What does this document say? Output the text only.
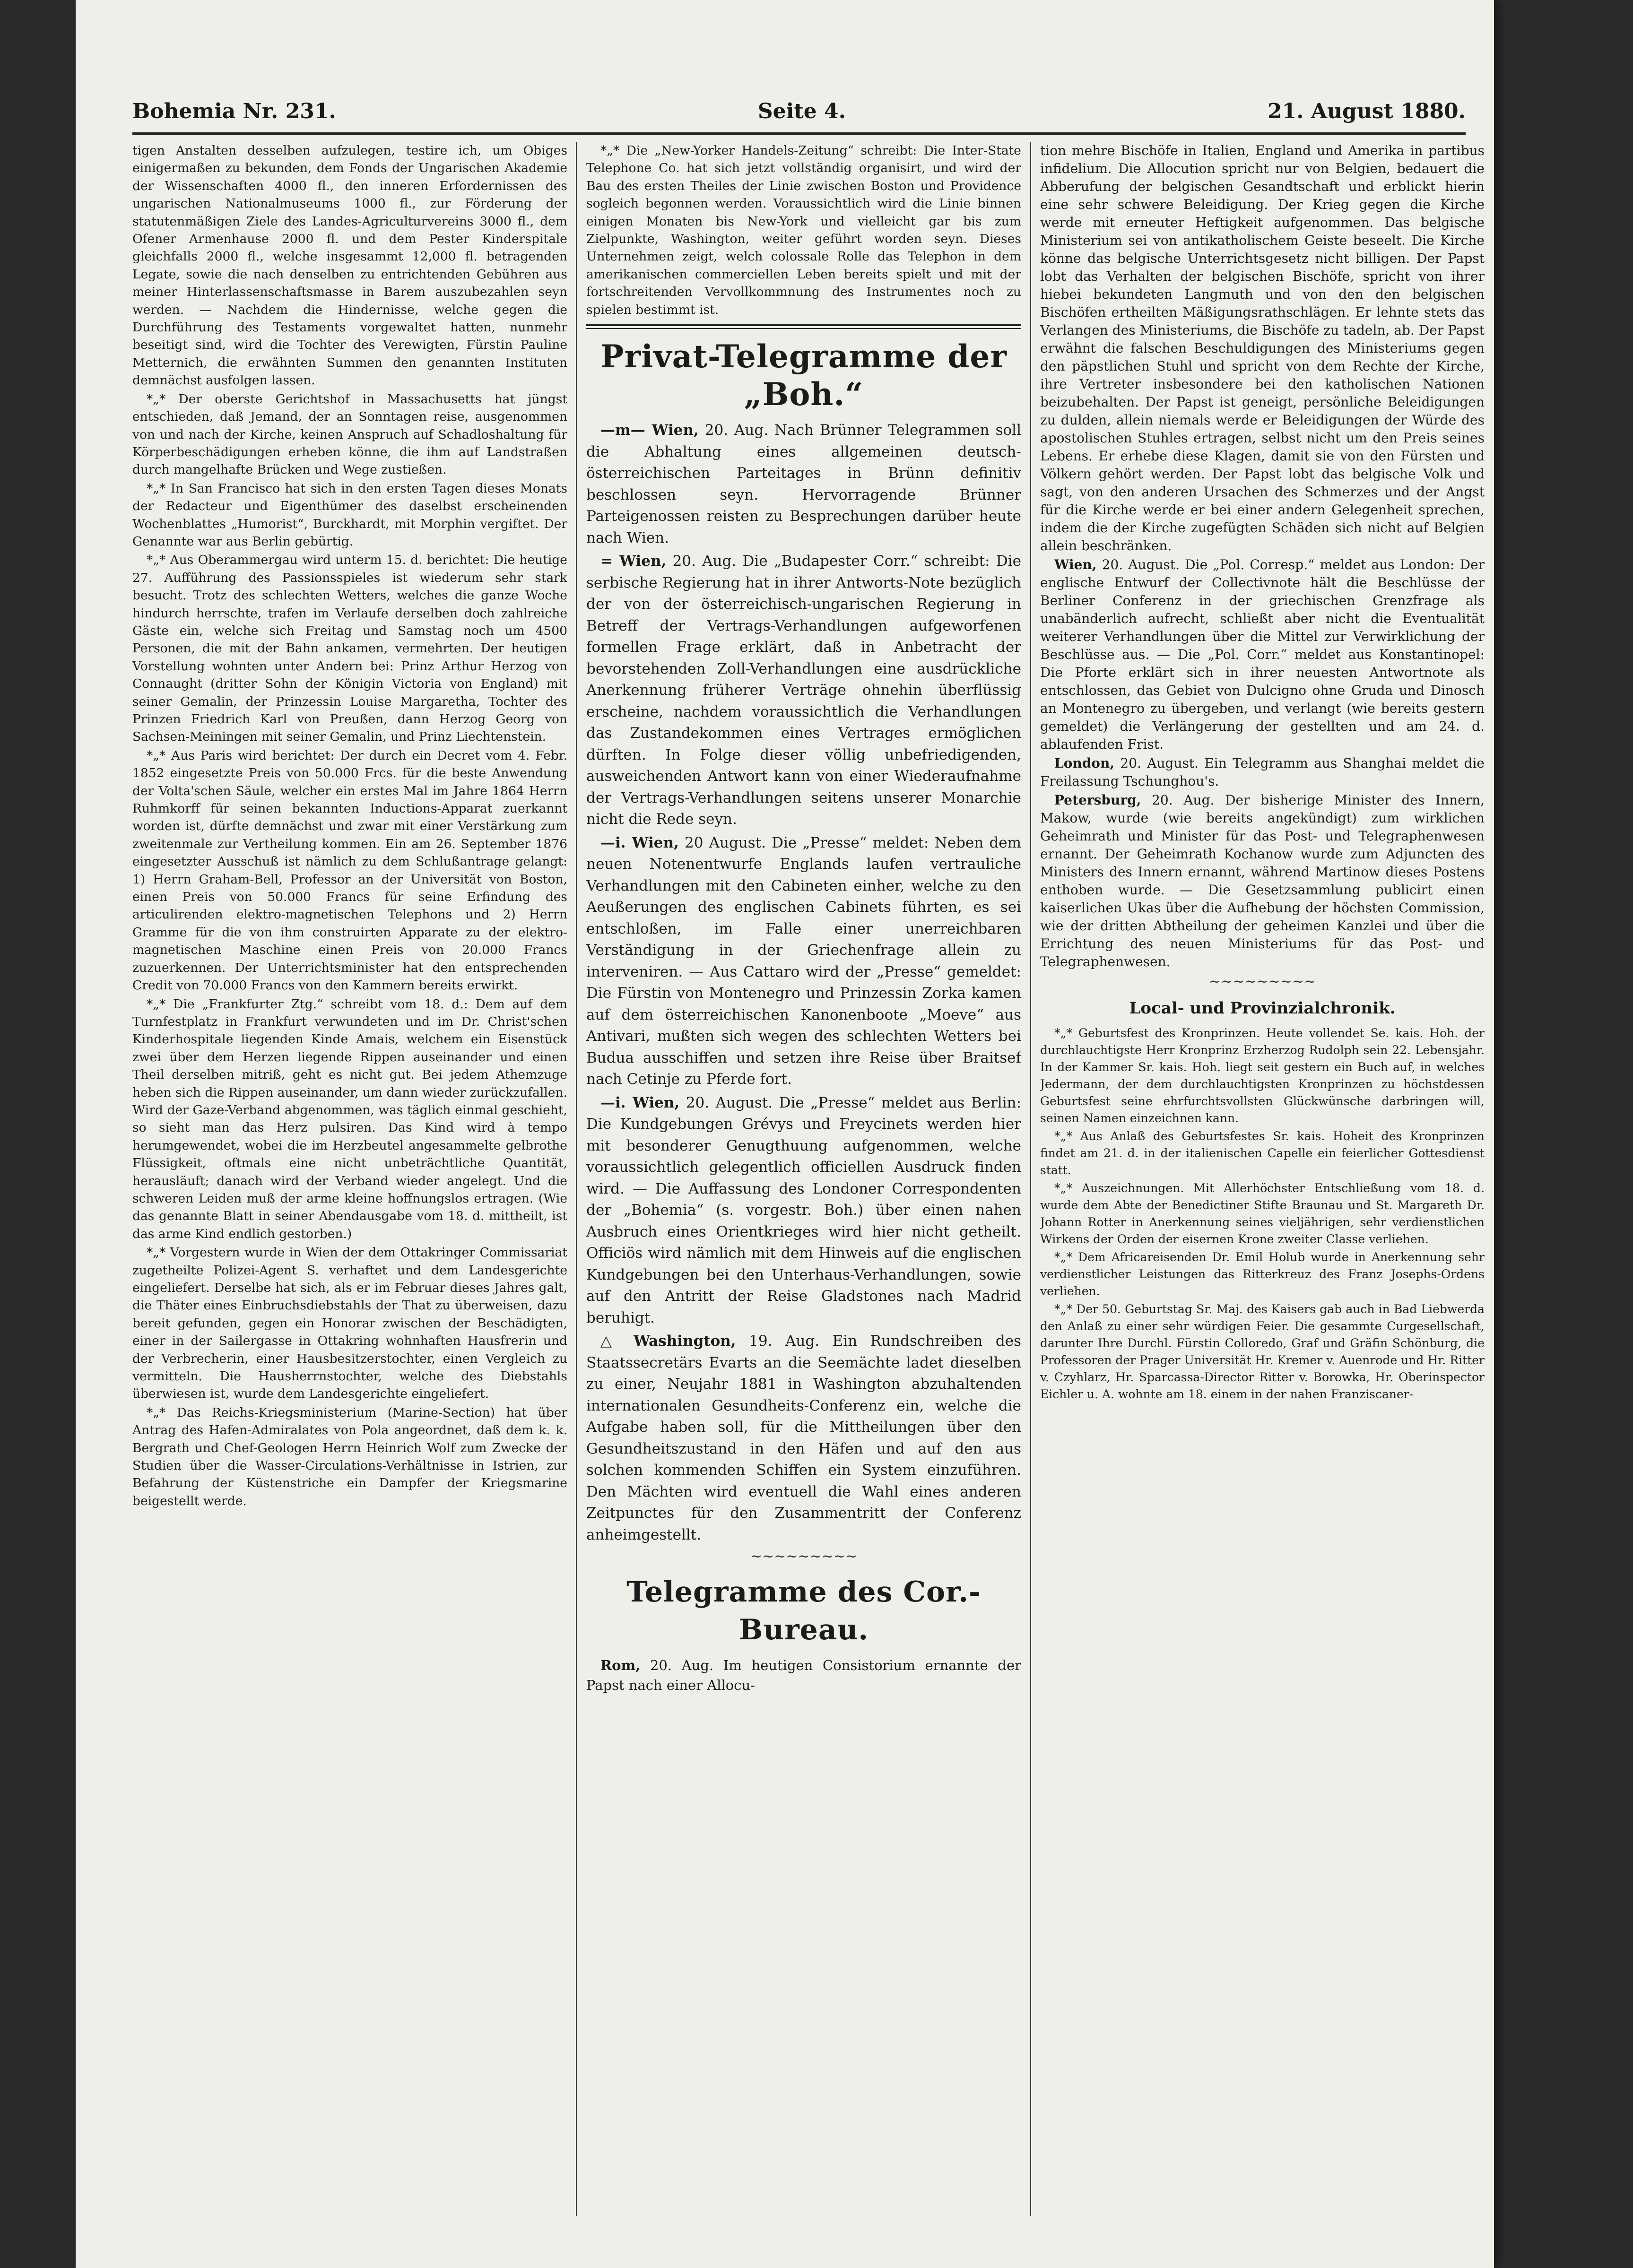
Bohemia Nr. 231.	Seite 4.	21. August 1880.

tigen Anstalten desselben aufzulegen, testire ich, um Obiges einigermaßen zu bekunden, dem Fonds der Ungarischen Akademie der Wissenschaften 4000 fl., den inneren Erfordernissen des ungarischen Nationalmuseums 1000 fl., zur Förderung der statutenmäßigen Ziele des Landes-Agriculturvereins 3000 fl., dem Ofener Armenhause 2000 fl. und dem Pester Kinderspitale gleichfalls 2000 fl., welche insgesammt 12,000 fl. betragenden Legate, sowie die nach denselben zu entrichtenden Gebühren aus meiner Hinterlassenschaftsmasse in Barem auszubezahlen seyn werden. — Nachdem die Hindernisse, welche gegen die Durchführung des Testaments vorgewaltet hatten, nunmehr beseitigt sind, wird die Tochter des Verewigten, Fürstin Pauline Metternich, die erwähnten Summen den genannten Instituten demnächst ausfolgen lassen.

*„* Der oberste Gerichtshof in Massachusetts hat jüngst entschieden, daß Jemand, der an Sonntagen reise, ausgenommen von und nach der Kirche, keinen Anspruch auf Schadloshaltung für Körperbeschädigungen erheben könne, die ihm auf Landstraßen durch mangelhafte Brücken und Wege zustießen.

*„* In San Francisco hat sich in den ersten Tagen dieses Monats der Redacteur und Eigenthümer des daselbst erscheinenden Wochenblattes „Humorist“, Burckhardt, mit Morphin vergiftet. Der Genannte war aus Berlin gebürtig.

*„* Aus Oberammergau wird unterm 15. d. berichtet: Die heutige 27. Aufführung des Passionsspieles ist wiederum sehr stark besucht. Trotz des schlechten Wetters, welches die ganze Woche hindurch herrschte, trafen im Verlaufe derselben doch zahlreiche Gäste ein, welche sich Freitag und Samstag noch um 4500 Personen, die mit der Bahn ankamen, vermehrten. Der heutigen Vorstellung wohnten unter Andern bei: Prinz Arthur Herzog von Connaught (dritter Sohn der Königin Victoria von England) mit seiner Gemalin, der Prinzessin Louise Margaretha, Tochter des Prinzen Friedrich Karl von Preußen, dann Herzog Georg von Sachsen-Meiningen mit seiner Gemalin, und Prinz Liechtenstein.

*„* Aus Paris wird berichtet: Der durch ein Decret vom 4. Febr. 1852 eingesetzte Preis von 50.000 Frcs. für die beste Anwendung der Volta'schen Säule, welcher ein erstes Mal im Jahre 1864 Herrn Ruhmkorff für seinen bekannten Inductions-Apparat zuerkannt worden ist, dürfte demnächst und zwar mit einer Verstärkung zum zweitenmale zur Vertheilung kommen. Ein am 26. September 1876 eingesetzter Ausschuß ist nämlich zu dem Schlußantrage gelangt: 1) Herrn Graham-Bell, Professor an der Universität von Boston, einen Preis von 50.000 Francs für seine Erfindung des articulirenden elektro-magnetischen Telephons und 2) Herrn Gramme für die von ihm construirten Apparate zu der elektro-magnetischen Maschine einen Preis von 20.000 Francs zuzuerkennen. Der Unterrichtsminister hat den entsprechenden Credit von 70.000 Francs von den Kammern bereits erwirkt.

*„* Die „Frankfurter Ztg.“ schreibt vom 18. d.: Dem auf dem Turnfestplatz in Frankfurt verwundeten und im Dr. Christ'schen Kinderhospitale liegenden Kinde Amais, welchem ein Eisenstück zwei über dem Herzen liegende Rippen auseinander und einen Theil derselben mitriß, geht es nicht gut. Bei jedem Athemzuge heben sich die Rippen auseinander, um dann wieder zurückzufallen. Wird der Gaze-Verband abgenommen, was täglich einmal geschieht, so sieht man das Herz pulsiren. Das Kind wird à tempo herumgewendet, wobei die im Herzbeutel angesammelte gelbrothe Flüssigkeit, oftmals eine nicht unbeträchtliche Quantität, herausläuft; danach wird der Verband wieder angelegt. Und die schweren Leiden muß der arme kleine hoffnungslos ertragen. (Wie das genannte Blatt in seiner Abendausgabe vom 18. d. mittheilt, ist das arme Kind endlich gestorben.)

*„* Vorgestern wurde in Wien der dem Ottakringer Commissariat zugetheilte Polizei-Agent S. verhaftet und dem Landesgerichte eingeliefert. Derselbe hat sich, als er im Februar dieses Jahres galt, die Thäter eines Einbruchsdiebstahls der That zu überweisen, dazu bereit gefunden, gegen ein Honorar zwischen der Beschädigten, einer in der Sailergasse in Ottakring wohnhaften Hausfrerin und der Verbrecherin, einer Hausbesitzerstochter, einen Vergleich zu vermitteln. Die Hausherrnstochter, welche des Diebstahls überwiesen ist, wurde dem Landesgerichte eingeliefert.

*„* Das Reichs-Kriegsministerium (Marine-Section) hat über Antrag des Hafen-Admiralates von Pola angeordnet, daß dem k. k. Bergrath und Chef-Geologen Herrn Heinrich Wolf zum Zwecke der Studien über die Wasser-Circulations-Verhältnisse in Istrien, zur Befahrung der Küstenstriche ein Dampfer der Kriegsmarine beigestellt werde.

*„* Die „New-Yorker Handels-Zeitung“ schreibt: Die Inter-State Telephone Co. hat sich jetzt vollständig organisirt, und wird der Bau des ersten Theiles der Linie zwischen Boston und Providence sogleich begonnen werden. Voraussichtlich wird die Linie binnen einigen Monaten bis New-York und vielleicht gar bis zum Zielpunkte, Washington, weiter geführt worden seyn. Dieses Unternehmen zeigt, welch colossale Rolle das Telephon in dem amerikanischen commerciellen Leben bereits spielt und mit der fortschreitenden Vervollkommnung des Instrumentes noch zu spielen bestimmt ist.

Privat-Telegramme der „Boh.“

—m— Wien, 20. Aug. Nach Brünner Telegrammen soll die Abhaltung eines allgemeinen deutsch-österreichischen Parteitages in Brünn definitiv beschlossen seyn. Hervorragende Brünner Parteigenossen reisten zu Besprechungen darüber heute nach Wien.

= Wien, 20. Aug. Die „Budapester Corr.“ schreibt: Die serbische Regierung hat in ihrer Antworts-Note bezüglich der von der österreichisch-ungarischen Regierung in Betreff der Vertrags-Verhandlungen aufgeworfenen formellen Frage erklärt, daß in Anbetracht der bevorstehenden Zoll-Verhandlungen eine ausdrückliche Anerkennung früherer Verträge ohnehin überflüssig erscheine, nachdem voraussichtlich die Verhandlungen das Zustandekommen eines Vertrages ermöglichen dürften. In Folge dieser völlig unbefriedigenden, ausweichenden Antwort kann von einer Wiederaufnahme der Vertrags-Verhandlungen seitens unserer Monarchie nicht die Rede seyn.

—i. Wien, 20 August. Die „Presse“ meldet: Neben dem neuen Notenentwurfe Englands laufen vertrauliche Verhandlungen mit den Cabineten einher, welche zu den Aeußerungen des englischen Cabinets führten, es sei entschloßen, im Falle einer unerreichbaren Verständigung in der Griechenfrage allein zu interveniren. — Aus Cattaro wird der „Presse“ gemeldet: Die Fürstin von Montenegro und Prinzessin Zorka kamen auf dem österreichischen Kanonenboote „Moeve“ aus Antivari, mußten sich wegen des schlechten Wetters bei Budua ausschiffen und setzen ihre Reise über Braitsef nach Cetinje zu Pferde fort.

—i. Wien, 20. August. Die „Presse“ meldet aus Berlin: Die Kundgebungen Grévys und Freycinets werden hier mit besonderer Genugthuung aufgenommen, welche voraussichtlich gelegentlich officiellen Ausdruck finden wird. — Die Auffassung des Londoner Correspondenten der „Bohemia“ (s. vorgestr. Boh.) über einen nahen Ausbruch eines Orientkrieges wird hier nicht getheilt. Officiös wird nämlich mit dem Hinweis auf die englischen Kundgebungen bei den Unterhaus-Verhandlungen, sowie auf den Antritt der Reise Gladstones nach Madrid beruhigt.

△ Washington, 19. Aug. Ein Rundschreiben des Staatssecretärs Evarts an die Seemächte ladet dieselben zu einer, Neujahr 1881 in Washington abzuhaltenden internationalen Gesundheits-Conferenz ein, welche die Aufgabe haben soll, für die Mittheilungen über den Gesundheitszustand in den Häfen und auf den aus solchen kommenden Schiffen ein System einzuführen. Den Mächten wird eventuell die Wahl eines anderen Zeitpunctes für den Zusammentritt der Conferenz anheimgestellt.

~~~~~~~~~
Telegramme des Cor.-Bureau.

Rom, 20. Aug. Im heutigen Consistorium ernannte der Papst nach einer Allocu-

tion mehre Bischöfe in Italien, England und Amerika in partibus infidelium. Die Allocution spricht nur von Belgien, bedauert die Abberufung der belgischen Gesandtschaft und erblickt hierin eine sehr schwere Beleidigung. Der Krieg gegen die Kirche werde mit erneuter Heftigkeit aufgenommen. Das belgische Ministerium sei von antikatholischem Geiste beseelt. Die Kirche könne das belgische Unterrichtsgesetz nicht billigen. Der Papst lobt das Verhalten der belgischen Bischöfe, spricht von ihrer hiebei bekundeten Langmuth und von den den belgischen Bischöfen ertheilten Mäßigungsrathschlägen. Er lehnte stets das Verlangen des Ministeriums, die Bischöfe zu tadeln, ab. Der Papst erwähnt die falschen Beschuldigungen des Ministeriums gegen den päpstlichen Stuhl und spricht von dem Rechte der Kirche, ihre Vertreter insbesondere bei den katholischen Nationen beizubehalten. Der Papst ist geneigt, persönliche Beleidigungen zu dulden, allein niemals werde er Beleidigungen der Würde des apostolischen Stuhles ertragen, selbst nicht um den Preis seines Lebens. Er erhebe diese Klagen, damit sie von den Fürsten und Völkern gehört werden. Der Papst lobt das belgische Volk und sagt, von den anderen Ursachen des Schmerzes und der Angst für die Kirche werde er bei einer andern Gelegenheit sprechen, indem die der Kirche zugefügten Schäden sich nicht auf Belgien allein beschränken.

Wien, 20. August. Die „Pol. Corresp.“ meldet aus London: Der englische Entwurf der Collectivnote hält die Beschlüsse der Berliner Conferenz in der griechischen Grenzfrage als unabänderlich aufrecht, schließt aber nicht die Eventualität weiterer Verhandlungen über die Mittel zur Verwirklichung der Beschlüsse aus. — Die „Pol. Corr.“ meldet aus Konstantinopel: Die Pforte erklärt sich in ihrer neuesten Antwortnote als entschlossen, das Gebiet von Dulcigno ohne Gruda und Dinosch an Montenegro zu übergeben, und verlangt (wie bereits gestern gemeldet) die Verlängerung der gestellten und am 24. d. ablaufenden Frist.

London, 20. August. Ein Telegramm aus Shanghai meldet die Freilassung Tschunghou's.

Petersburg, 20. Aug. Der bisherige Minister des Innern, Makow, wurde (wie bereits angekündigt) zum wirklichen Geheimrath und Minister für das Post- und Telegraphenwesen ernannt. Der Geheimrath Kochanow wurde zum Adjuncten des Ministers des Innern ernannt, während Martinow dieses Postens enthoben wurde. — Die Gesetzsammlung publicirt einen kaiserlichen Ukas über die Aufhebung der höchsten Commission, wie der dritten Abtheilung der geheimen Kanzlei und über die Errichtung des neuen Ministeriums für das Post- und Telegraphenwesen.

~~~~~~~~~
Local- und Provinzialchronik.

*„* Geburtsfest des Kronprinzen. Heute vollendet Se. kais. Hoh. der durchlauchtigste Herr Kronprinz Erzherzog Rudolph sein 22. Lebensjahr. In der Kammer Sr. kais. Hoh. liegt seit gestern ein Buch auf, in welches Jedermann, der dem durchlauchtigsten Kronprinzen zu höchstdessen Geburtsfest seine ehrfurchtsvollsten Glückwünsche darbringen will, seinen Namen einzeichnen kann.

*„* Aus Anlaß des Geburtsfestes Sr. kais. Hoheit des Kronprinzen findet am 21. d. in der italienischen Capelle ein feierlicher Gottesdienst statt.

*„* Auszeichnungen. Mit Allerhöchster Entschließung vom 18. d. wurde dem Abte der Benedictiner Stifte Braunau und St. Margareth Dr. Johann Rotter in Anerkennung seines vieljährigen, sehr verdienstlichen Wirkens der Orden der eisernen Krone zweiter Classe verliehen.

*„* Dem Africareisenden Dr. Emil Holub wurde in Anerkennung sehr verdienstlicher Leistungen das Ritterkreuz des Franz Josephs-Ordens verliehen.

*„* Der 50. Geburtstag Sr. Maj. des Kaisers gab auch in Bad Liebwerda den Anlaß zu einer sehr würdigen Feier. Die gesammte Curgesellschaft, darunter Ihre Durchl. Fürstin Colloredo, Graf und Gräfin Schönburg, die Professoren der Prager Universität Hr. Kremer v. Auenrode und Hr. Ritter v. Czyhlarz, Hr. Sparcassa-Director Ritter v. Borowka, Hr. Oberinspector Eichler u. A. wohnte am 18. einem in der nahen Franziscaner-
